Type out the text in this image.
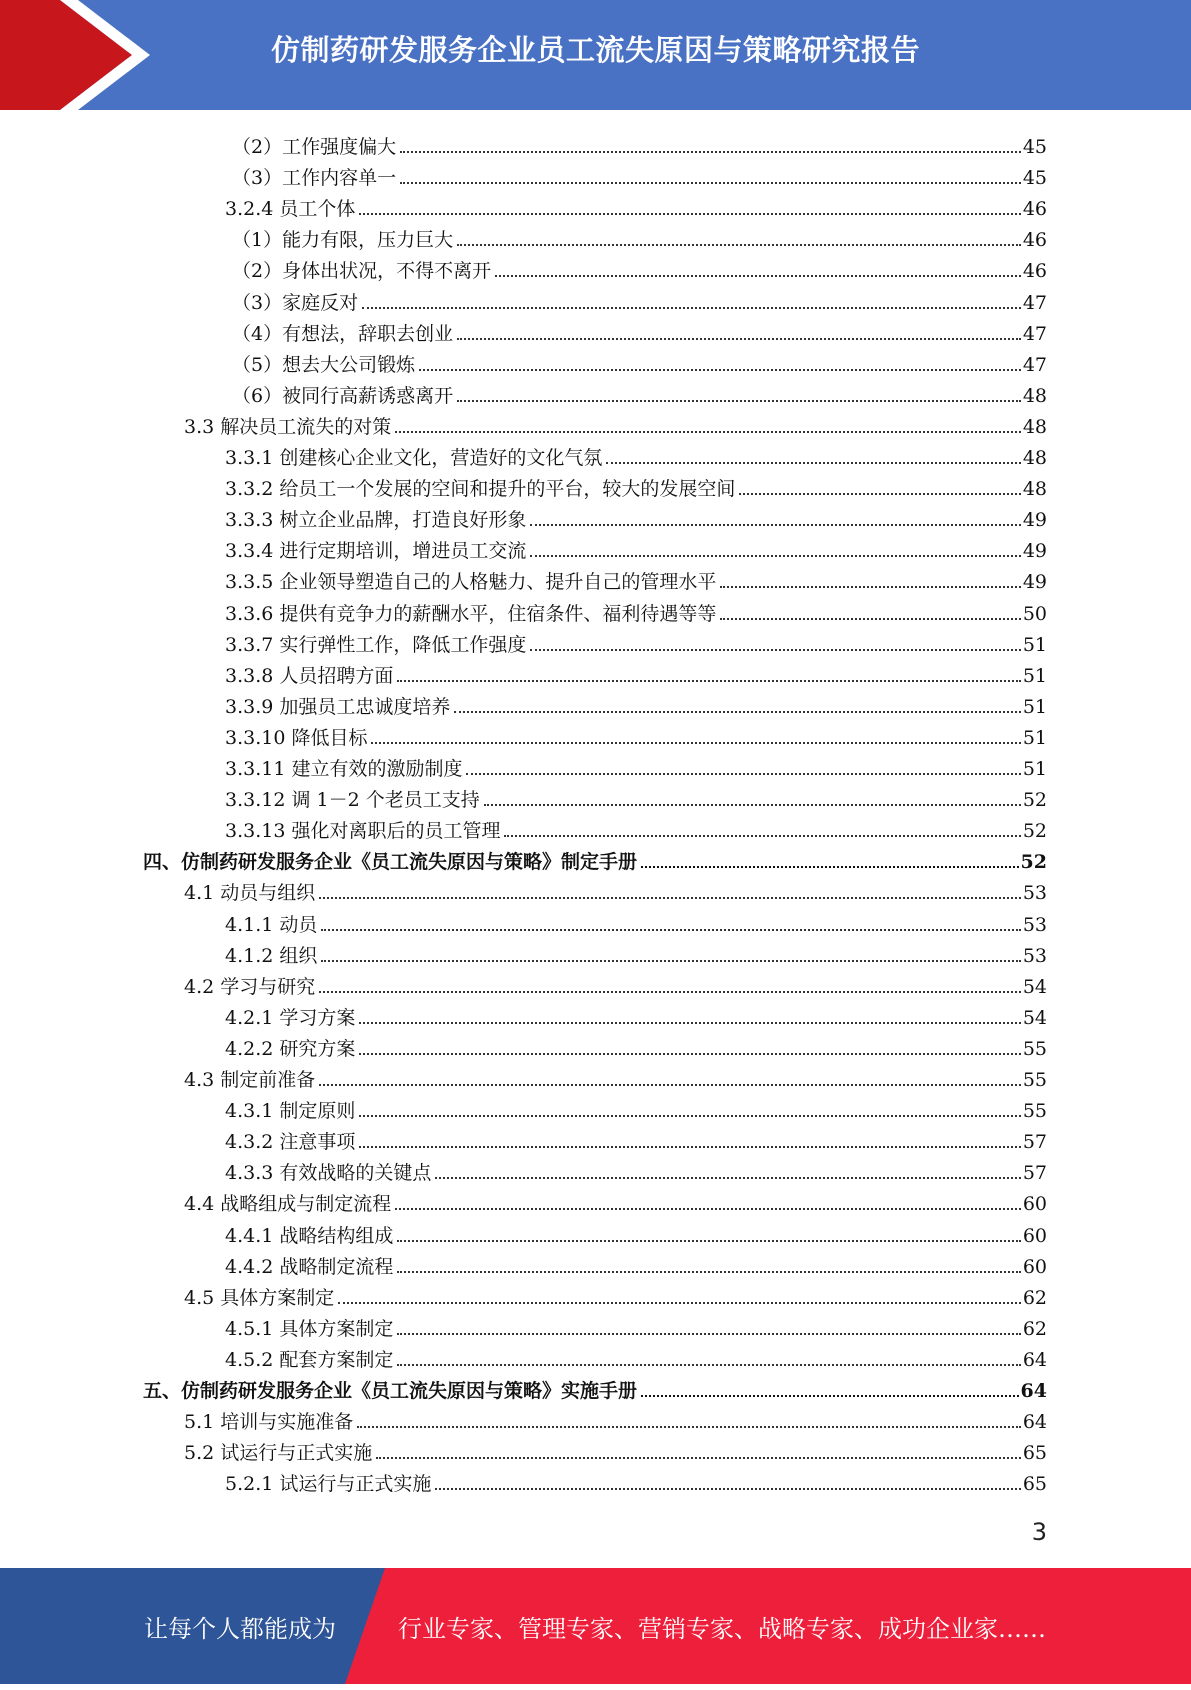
仿制药研发服务企业员工流失原因与策略研究报告
（2）工作强度偏大	45
（3）工作内容单一	45
3.2.4 员工个体	46
（1）能力有限，压力巨大	46
（2）身体出状况，不得不离开	46
（3）家庭反对	47
（4）有想法，辞职去创业	47
（5）想去大公司锻炼	47
（6）被同行高薪诱惑离开	48
3.3 解决员工流失的对策	48
3.3.1 创建核心企业文化，营造好的文化气氛	48
3.3.2 给员工一个发展的空间和提升的平台，较大的发展空间	48
3.3.3 树立企业品牌，打造良好形象	49
3.3.4 进行定期培训，增进员工交流	49
3.3.5 企业领导塑造自己的人格魅力、提升自己的管理水平	49
3.3.6 提供有竞争力的薪酬水平，住宿条件、福利待遇等等	50
3.3.7 实行弹性工作，降低工作强度	51
3.3.8 人员招聘方面	51
3.3.9 加强员工忠诚度培养	51
3.3.10 降低目标	51
3.3.11 建立有效的激励制度	51
3.3.12 调 1－2 个老员工支持	52
3.3.13 强化对离职后的员工管理	52
四、仿制药研发服务企业《员工流失原因与策略》制定手册	52
4.1 动员与组织	53
4.1.1 动员	53
4.1.2 组织	53
4.2 学习与研究	54
4.2.1 学习方案	54
4.2.2 研究方案	55
4.3 制定前准备	55
4.3.1 制定原则	55
4.3.2 注意事项	57
4.3.3 有效战略的关键点	57
4.4 战略组成与制定流程	60
4.4.1 战略结构组成	60
4.4.2 战略制定流程	60
4.5 具体方案制定	62
4.5.1 具体方案制定	62
4.5.2 配套方案制定	64
五、仿制药研发服务企业《员工流失原因与策略》实施手册	64
5.1 培训与实施准备	64
5.2 试运行与正式实施	65
5.2.1 试运行与正式实施	65
3
让每个人都能成为	行业专家、管理专家、营销专家、战略专家、成功企业家……
